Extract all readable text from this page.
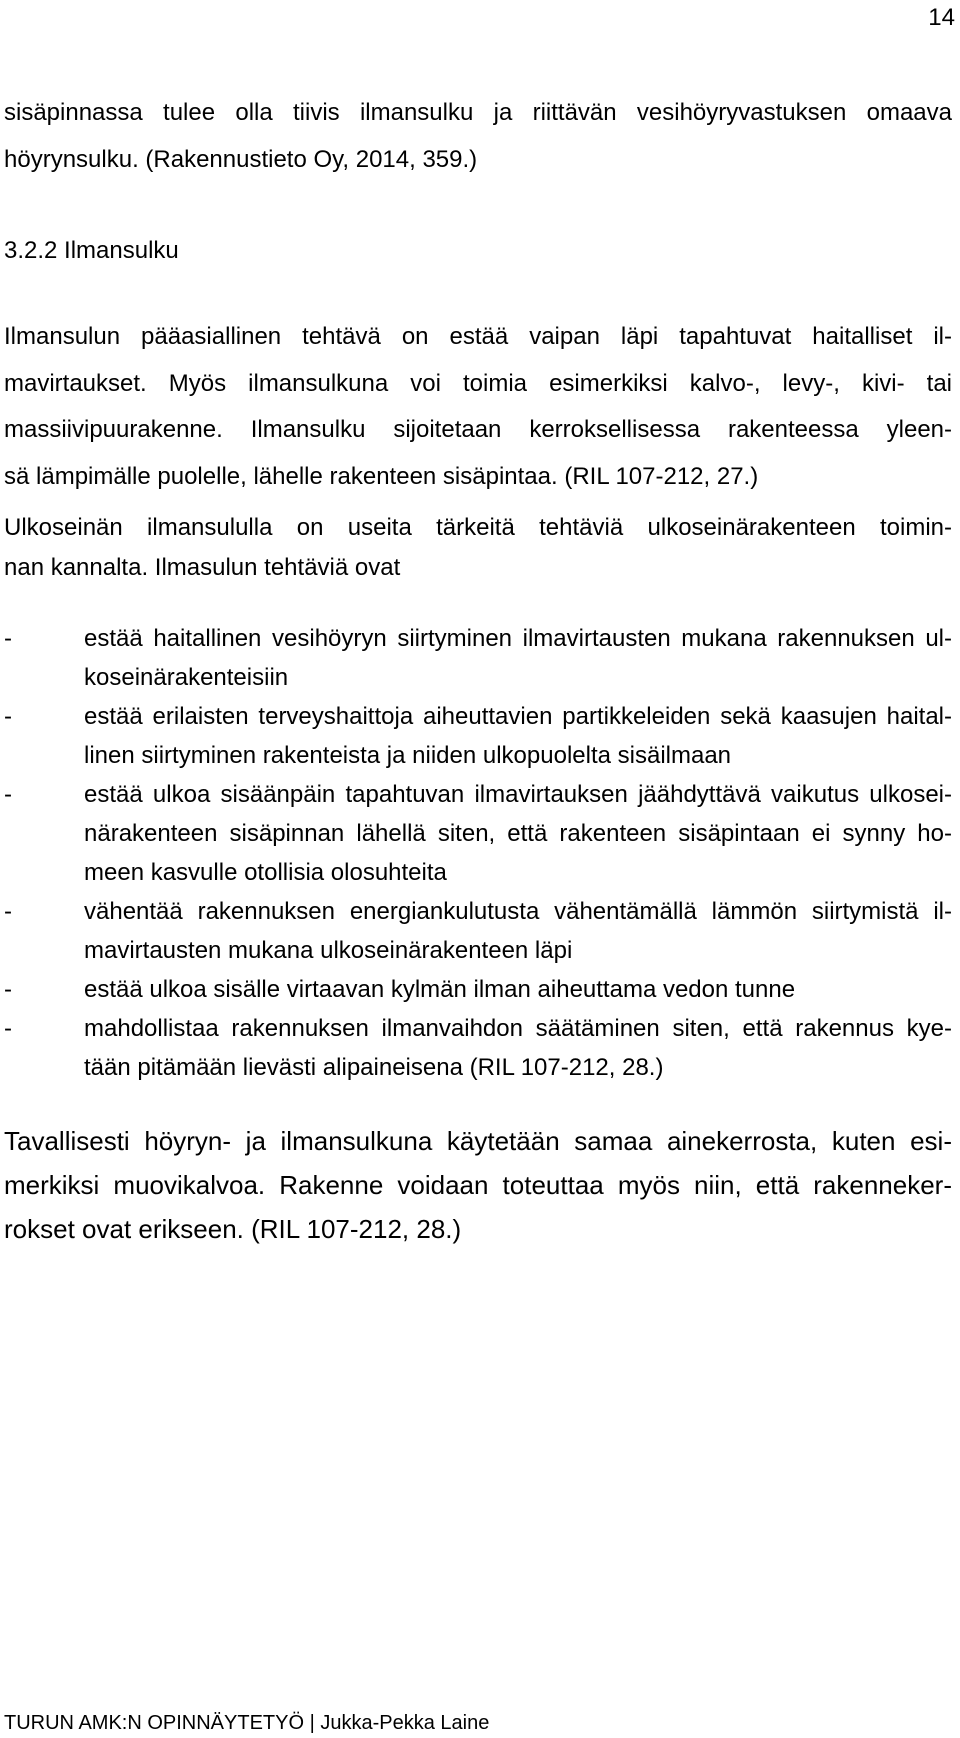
14
sisäpinnassa tulee olla tiivis ilmansulku ja riittävän vesihöyryvastuksen omaava
höyrynsulku. (Rakennustieto Oy, 2014, 359.)
3.2.2 Ilmansulku
Ilmansulun pääasiallinen tehtävä on estää vaipan läpi tapahtuvat haitalliset il-
mavirtaukset. Myös ilmansulkuna voi toimia esimerkiksi kalvo-, levy-, kivi- tai
massiivipuurakenne. Ilmansulku sijoitetaan kerroksellisessa rakenteessa yleen-
sä lämpimälle puolelle, lähelle rakenteen sisäpintaa. (RIL 107-212, 27.)
Ulkoseinän ilmansululla on useita tärkeitä tehtäviä ulkoseinärakenteen toimin-
nan kannalta. Ilmasulun tehtäviä ovat
-	estää haitallinen vesihöyryn siirtyminen ilmavirtausten mukana rakennuksen ul-
koseinärakenteisiin
-	estää erilaisten terveyshaittoja aiheuttavien partikkeleiden sekä kaasujen haital-
linen siirtyminen rakenteista ja niiden ulkopuolelta sisäilmaan
-	estää ulkoa sisäänpäin tapahtuvan ilmavirtauksen jäähdyttävä vaikutus ulkosei-
närakenteen sisäpinnan lähellä siten, että rakenteen sisäpintaan ei synny ho-
meen kasvulle otollisia olosuhteita
-	vähentää rakennuksen energiankulutusta vähentämällä lämmön siirtymistä il-
mavirtausten mukana ulkoseinärakenteen läpi
-	estää ulkoa sisälle virtaavan kylmän ilman aiheuttama vedon tunne
-	mahdollistaa rakennuksen ilmanvaihdon säätäminen siten, että rakennus kye-
tään pitämään lievästi alipaineisena (RIL 107-212, 28.)
Tavallisesti höyryn- ja ilmansulkuna käytetään samaa ainekerrosta, kuten esi-
merkiksi muovikalvoa. Rakenne voidaan toteuttaa myös niin, että rakenneker-
rokset ovat erikseen. (RIL 107-212, 28.)
TURUN AMK:N OPINNÄYTETYÖ | Jukka-Pekka Laine
